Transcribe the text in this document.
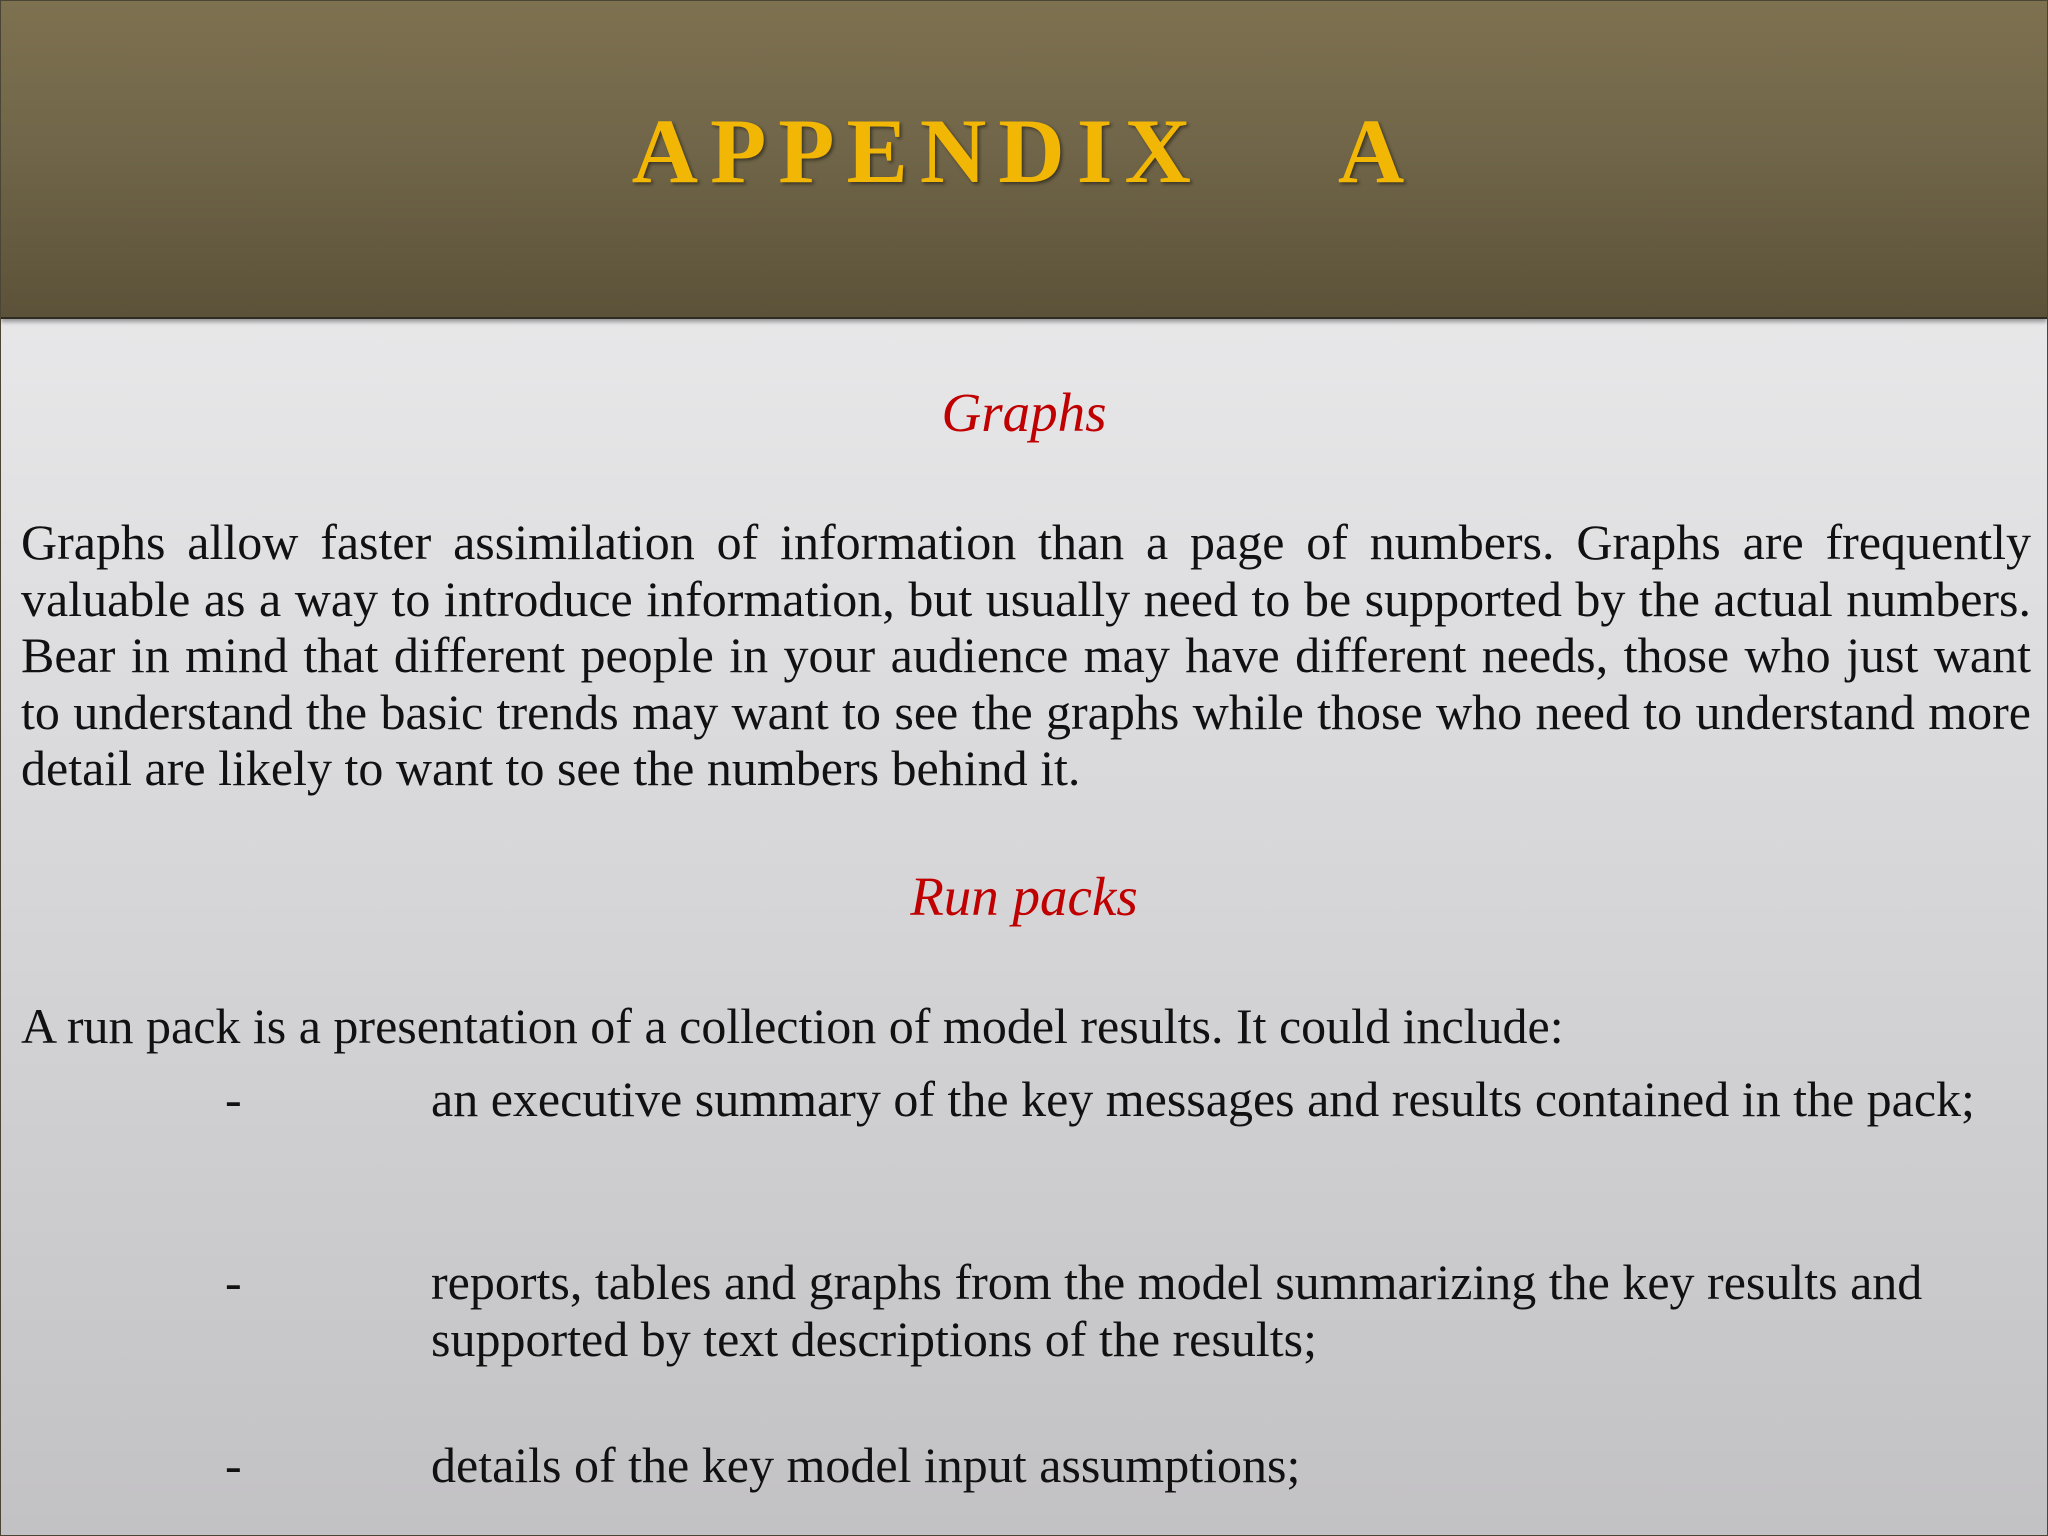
APPENDIX    A
Graphs
Graphs allow faster assimilation of information than a page of numbers. Graphs are frequently valuable as a way to introduce information, but usually need to be supported by the actual numbers. Bear in mind that different people in your audience may have different needs, those who just want to understand the basic trends may want to see the graphs while those who need to understand more detail are likely to want to see the numbers behind it.
Run packs
A run pack is a presentation of a collection of model results. It could include:
-	an executive summary of the key messages and results contained in the pack;
-	reports, tables and graphs from the model summarizing the key results and supported by text descriptions of the results;
-	details of the key model input assumptions;
